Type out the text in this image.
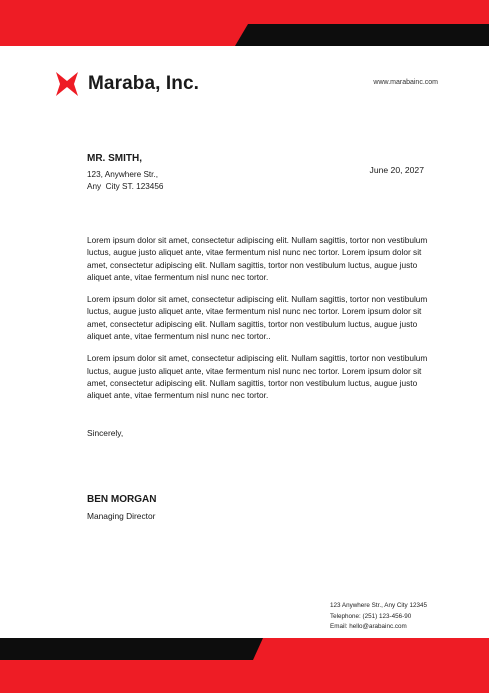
Maraba, Inc.	www.marabainc.com
MR. SMITH,
123, Anywhere Str.,
Any  City ST. 123456
June 20, 2027

Lorem ipsum dolor sit amet, consectetur adipiscing elit. Nullam sagittis, tortor non vestibulum luctus, augue justo aliquet ante, vitae fermentum nisl nunc nec tortor. Lorem ipsum dolor sit amet, consectetur adipiscing elit. Nullam sagittis, tortor non vestibulum luctus, augue justo aliquet ante, vitae fermentum nisl nunc nec tortor.

Lorem ipsum dolor sit amet, consectetur adipiscing elit. Nullam sagittis, tortor non vestibulum luctus, augue justo aliquet ante, vitae fermentum nisl nunc nec tortor. Lorem ipsum dolor sit amet, consectetur adipiscing elit. Nullam sagittis, tortor non vestibulum luctus, augue justo aliquet ante, vitae fermentum nisl nunc nec tortor..

Lorem ipsum dolor sit amet, consectetur adipiscing elit. Nullam sagittis, tortor non vestibulum luctus, augue justo aliquet ante, vitae fermentum nisl nunc nec tortor. Lorem ipsum dolor sit amet, consectetur adipiscing elit. Nullam sagittis, tortor non vestibulum luctus, augue justo aliquet ante, vitae fermentum nisl nunc nec tortor.

Sincerely,
BEN MORGAN
Managing Director
123 Anywhere Str., Any City 12345
Telephone: (251) 123-456-90
Email: hello@arabainc.com
